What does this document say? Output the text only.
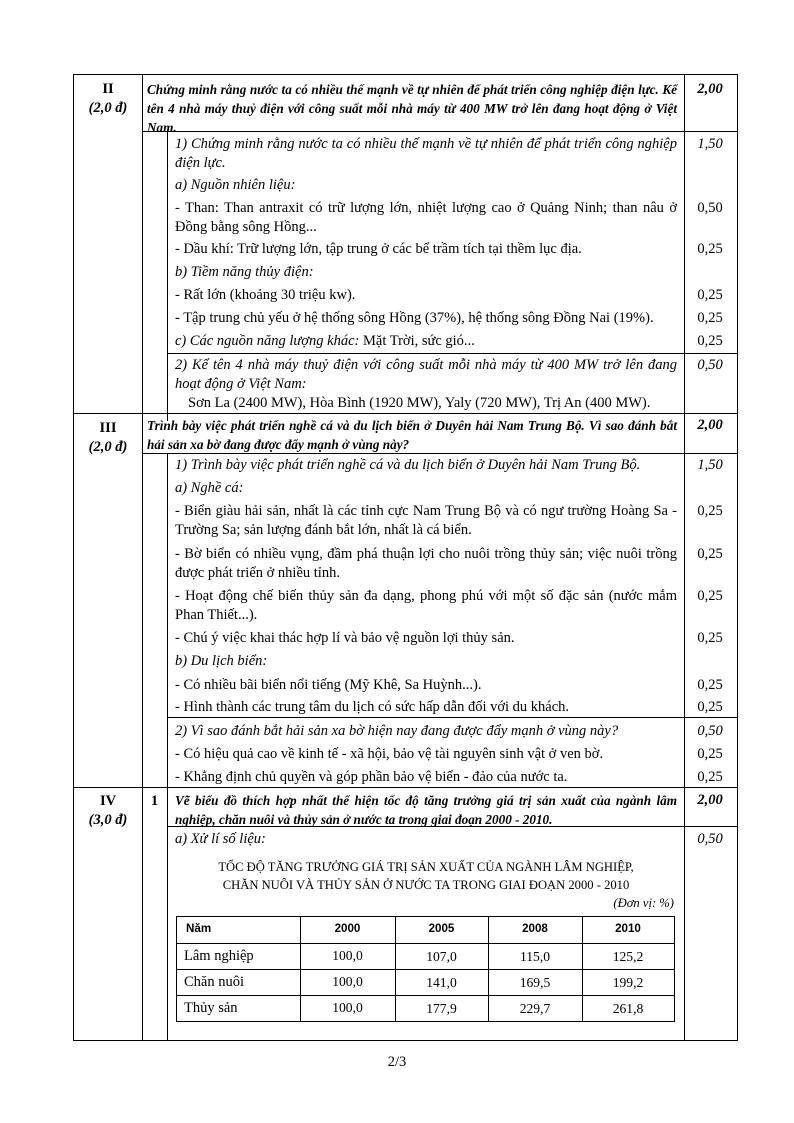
II
(2,0 đ)
Chứng minh rằng nước ta có nhiều thế mạnh về tự nhiên để phát triển công nghiệp điện lực. Kể tên 4 nhà máy thuỷ điện với công suất mỗi nhà máy từ 400 MW trở lên đang hoạt động ở Việt Nam.
2,00
1) Chứng minh rằng nước ta có nhiều thế mạnh về tự nhiên để phát triển công nghiệp điện lực.
1,50
a) Nguồn nhiên liệu:
- Than: Than antraxit có trữ lượng lớn, nhiệt lượng cao ở Quảng Ninh; than nâu ở Đồng bằng sông Hồng...
0,50
- Dầu khí: Trữ lượng lớn, tập trung ở các bể trầm tích tại thềm lục địa.	0,25
b) Tiềm năng thủy điện:
- Rất lớn (khoảng 30 triệu kw).	0,25
- Tập trung chủ yếu ở hệ thống sông Hồng (37%), hệ thống sông Đồng Nai (19%).	0,25
c) Các nguồn năng lượng khác: Mặt Trời, sức gió...	0,25
2) Kể tên 4 nhà máy thuỷ điện với công suất mỗi nhà máy từ 400 MW trở lên đang hoạt động ở Việt Nam:
0,50
Sơn La (2400 MW), Hòa Bình (1920 MW), Yaly (720 MW), Trị An (400 MW).
III
(2,0 đ)
Trình bày việc phát triển nghề cá và du lịch biển ở Duyên hải Nam Trung Bộ. Vì sao đánh bắt hải sản xa bờ đang được đẩy mạnh ở vùng này?
2,00
1) Trình bày việc phát triển nghề cá và du lịch biển ở Duyên hải Nam Trung Bộ.	1,50
a) Nghề cá:
- Biển giàu hải sản, nhất là các tỉnh cực Nam Trung Bộ và có ngư trường Hoàng Sa - Trường Sa; sản lượng đánh bắt lớn, nhất là cá biển.
0,25
- Bờ biển có nhiều vụng, đầm phá thuận lợi cho nuôi trồng thủy sản; việc nuôi trồng được phát triển ở nhiều tỉnh.
0,25
- Hoạt động chế biến thủy sản đa dạng, phong phú với một số đặc sản (nước mắm Phan Thiết...).
0,25
- Chú ý việc khai thác hợp lí và bảo vệ nguồn lợi thủy sản.	0,25
b) Du lịch biển:
- Có nhiều bãi biển nổi tiếng (Mỹ Khê, Sa Huỳnh...).	0,25
- Hình thành các trung tâm du lịch có sức hấp dẫn đối với du khách.	0,25
2) Vì sao đánh bắt hải sản xa bờ hiện nay đang được đẩy mạnh ở vùng này?	0,50
- Có hiệu quả cao về kinh tế - xã hội, bảo vệ tài nguyên sinh vật ở ven bờ.	0,25
- Khẳng định chủ quyền và góp phần bảo vệ biển - đảo của nước ta.	0,25
IV
(3,0 đ)
1	Vẽ biểu đồ thích hợp nhất thể hiện tốc độ tăng trưởng giá trị sản xuất của ngành lâm nghiệp, chăn nuôi và thủy sản ở nước ta trong giai đoạn 2000 - 2010.
2,00
a) Xử lí số liệu:	0,50
TỐC ĐỘ TĂNG TRƯỞNG GIÁ TRỊ SẢN XUẤT CỦA NGÀNH LÂM NGHIỆP,
CHĂN NUÔI VÀ THỦY SẢN Ở NƯỚC TA TRONG GIAI ĐOẠN 2000 - 2010
(Đơn vị: %)
Năm	2000	2005	2008	2010
Lâm nghiệp	100,0	107,0	115,0	125,2
Chăn nuôi	100,0	141,0	169,5	199,2
Thủy sản	100,0	177,9	229,7	261,8
2/3
